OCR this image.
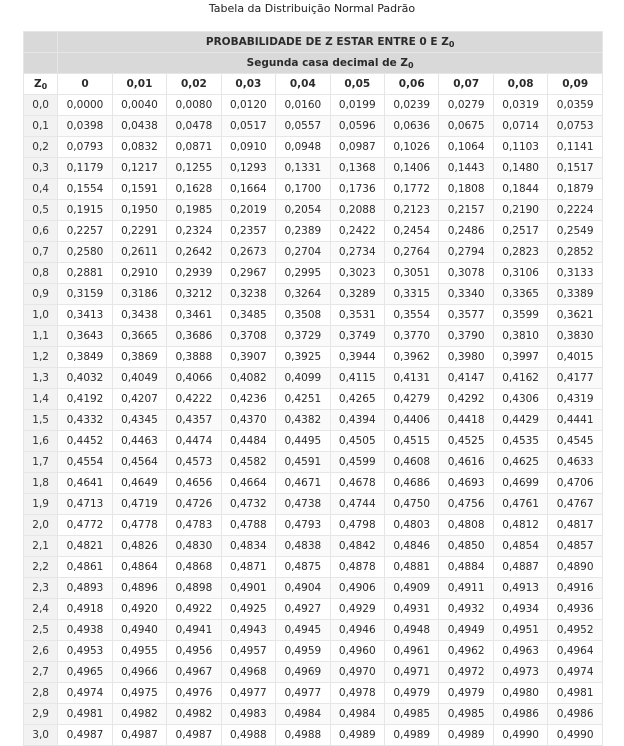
Tabela da Distribuição Normal Padrão
	PROBABILIDADE DE Z ESTAR ENTRE 0 E $Z_0$
	Segunda casa decimal de $Z_0$
$Z_0$	0	0,01	0,02	0,03	0,04	0,05	0,06	0,07	0,08	0,09
0,0	0,0000	0,0040	0,0080	0,0120	0,0160	0,0199	0,0239	0,0279	0,0319	0,0359
0,1	0,0398	0,0438	0,0478	0,0517	0,0557	0,0596	0,0636	0,0675	0,0714	0,0753
0,2	0,0793	0,0832	0,0871	0,0910	0,0948	0,0987	0,1026	0,1064	0,1103	0,1141
0,3	0,1179	0,1217	0,1255	0,1293	0,1331	0,1368	0,1406	0,1443	0,1480	0,1517
0,4	0,1554	0,1591	0,1628	0,1664	0,1700	0,1736	0,1772	0,1808	0,1844	0,1879
0,5	0,1915	0,1950	0,1985	0,2019	0,2054	0,2088	0,2123	0,2157	0,2190	0,2224
0,6	0,2257	0,2291	0,2324	0,2357	0,2389	0,2422	0,2454	0,2486	0,2517	0,2549
0,7	0,2580	0,2611	0,2642	0,2673	0,2704	0,2734	0,2764	0,2794	0,2823	0,2852
0,8	0,2881	0,2910	0,2939	0,2967	0,2995	0,3023	0,3051	0,3078	0,3106	0,3133
0,9	0,3159	0,3186	0,3212	0,3238	0,3264	0,3289	0,3315	0,3340	0,3365	0,3389
1,0	0,3413	0,3438	0,3461	0,3485	0,3508	0,3531	0,3554	0,3577	0,3599	0,3621
1,1	0,3643	0,3665	0,3686	0,3708	0,3729	0,3749	0,3770	0,3790	0,3810	0,3830
1,2	0,3849	0,3869	0,3888	0,3907	0,3925	0,3944	0,3962	0,3980	0,3997	0,4015
1,3	0,4032	0,4049	0,4066	0,4082	0,4099	0,4115	0,4131	0,4147	0,4162	0,4177
1,4	0,4192	0,4207	0,4222	0,4236	0,4251	0,4265	0,4279	0,4292	0,4306	0,4319
1,5	0,4332	0,4345	0,4357	0,4370	0,4382	0,4394	0,4406	0,4418	0,4429	0,4441
1,6	0,4452	0,4463	0,4474	0,4484	0,4495	0,4505	0,4515	0,4525	0,4535	0,4545
1,7	0,4554	0,4564	0,4573	0,4582	0,4591	0,4599	0,4608	0,4616	0,4625	0,4633
1,8	0,4641	0,4649	0,4656	0,4664	0,4671	0,4678	0,4686	0,4693	0,4699	0,4706
1,9	0,4713	0,4719	0,4726	0,4732	0,4738	0,4744	0,4750	0,4756	0,4761	0,4767
2,0	0,4772	0,4778	0,4783	0,4788	0,4793	0,4798	0,4803	0,4808	0,4812	0,4817
2,1	0,4821	0,4826	0,4830	0,4834	0,4838	0,4842	0,4846	0,4850	0,4854	0,4857
2,2	0,4861	0,4864	0,4868	0,4871	0,4875	0,4878	0,4881	0,4884	0,4887	0,4890
2,3	0,4893	0,4896	0,4898	0,4901	0,4904	0,4906	0,4909	0,4911	0,4913	0,4916
2,4	0,4918	0,4920	0,4922	0,4925	0,4927	0,4929	0,4931	0,4932	0,4934	0,4936
2,5	0,4938	0,4940	0,4941	0,4943	0,4945	0,4946	0,4948	0,4949	0,4951	0,4952
2,6	0,4953	0,4955	0,4956	0,4957	0,4959	0,4960	0,4961	0,4962	0,4963	0,4964
2,7	0,4965	0,4966	0,4967	0,4968	0,4969	0,4970	0,4971	0,4972	0,4973	0,4974
2,8	0,4974	0,4975	0,4976	0,4977	0,4977	0,4978	0,4979	0,4979	0,4980	0,4981
2,9	0,4981	0,4982	0,4982	0,4983	0,4984	0,4984	0,4985	0,4985	0,4986	0,4986
3,0	0,4987	0,4987	0,4987	0,4988	0,4988	0,4989	0,4989	0,4989	0,4990	0,4990
